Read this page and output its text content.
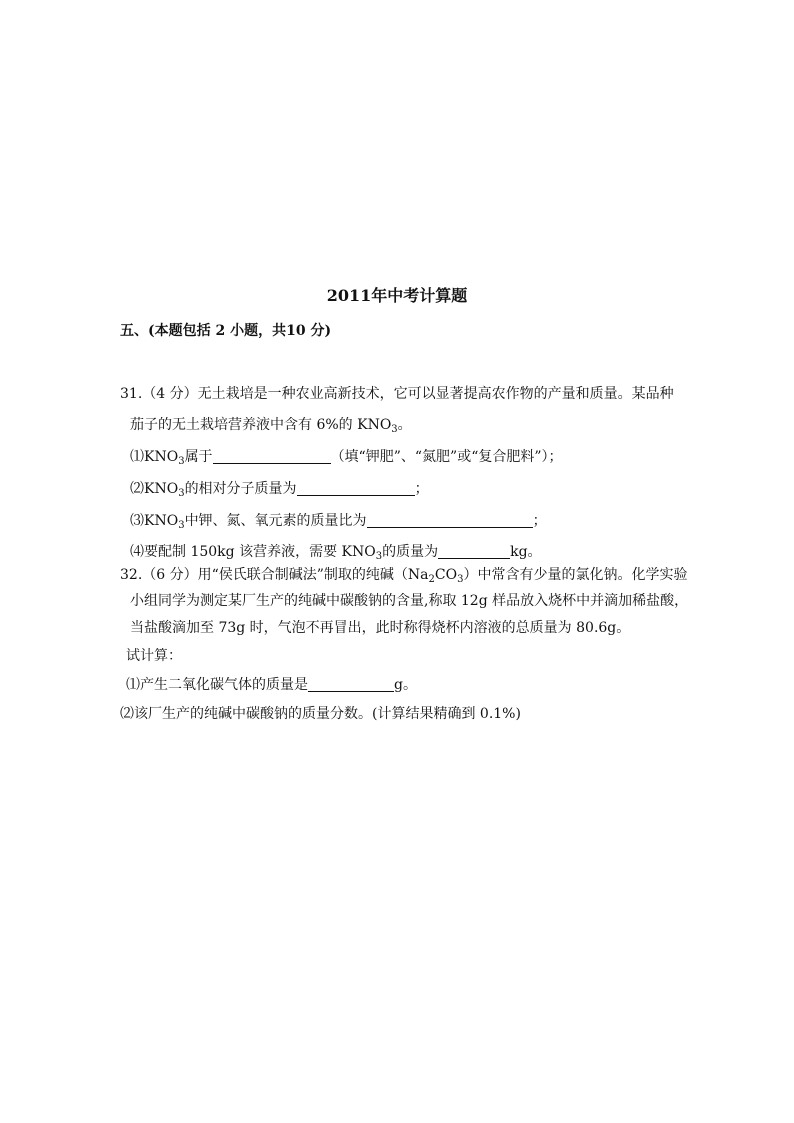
2011年中考计算题
五、(本题包括 2 小题，共10 分)
31.（4 分）无土栽培是一种农业高新技术，它可以显著提高农作物的产量和质量。某品种
茄子的无土栽培营养液中含有 6%的 $KNO_3$。
$⑴KNO_3$属于	（填“钾肥”、“氮肥”或“复合肥料”）；
$⑵KNO_3$的相对分子质量为	；
$⑶KNO_3$中钾、氮、氧元素的质量比为	；
⑷要配制 150kg 该营养液，需要 $KNO_3$的质量为	kg。
32.（6 分）用“侯氏联合制碱法”制取的纯碱$(Na_2CO_3)$中常含有少量的氯化钠。化学实验
小组同学为测定某厂生产的纯碱中碳酸钠的含量,称取 12g 样品放入烧杯中并滴加稀盐酸，
当盐酸滴加至 73g 时，气泡不再冒出，此时称得烧杯内溶液的总质量为 80.6g。
试计算：
⑴产生二氧化碳气体的质量是	g。
⑵该厂生产的纯碱中碳酸钠的质量分数。(计算结果精确到 0.1%)
